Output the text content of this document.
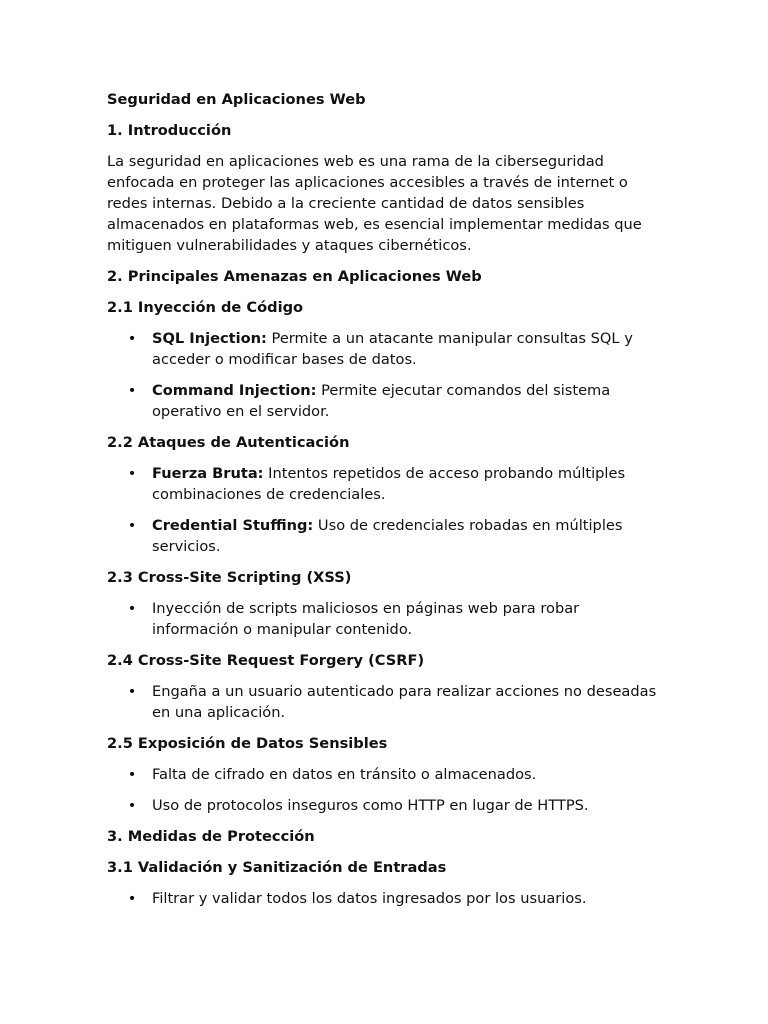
Seguridad en Aplicaciones Web
1. Introducción

La seguridad en aplicaciones web es una rama de la ciberseguridad enfocada en proteger las aplicaciones accesibles a través de internet o redes internas. Debido a la creciente cantidad de datos sensibles almacenados en plataformas web, es esencial implementar medidas que mitiguen vulnerabilidades y ataques cibernéticos.

2. Principales Amenazas en Aplicaciones Web
2.1 Inyección de Código
• SQL Injection: Permite a un atacante manipular consultas SQL y acceder o modificar bases de datos.
• Command Injection: Permite ejecutar comandos del sistema operativo en el servidor.
2.2 Ataques de Autenticación
• Fuerza Bruta: Intentos repetidos de acceso probando múltiples combinaciones de credenciales.
• Credential Stuffing: Uso de credenciales robadas en múltiples servicios.
2.3 Cross-Site Scripting (XSS)
• Inyección de scripts maliciosos en páginas web para robar información o manipular contenido.
2.4 Cross-Site Request Forgery (CSRF)
• Engaña a un usuario autenticado para realizar acciones no deseadas en una aplicación.
2.5 Exposición de Datos Sensibles
• Falta de cifrado en datos en tránsito o almacenados.
• Uso de protocolos inseguros como HTTP en lugar de HTTPS.
3. Medidas de Protección
3.1 Validación y Sanitización de Entradas
• Filtrar y validar todos los datos ingresados por los usuarios.
